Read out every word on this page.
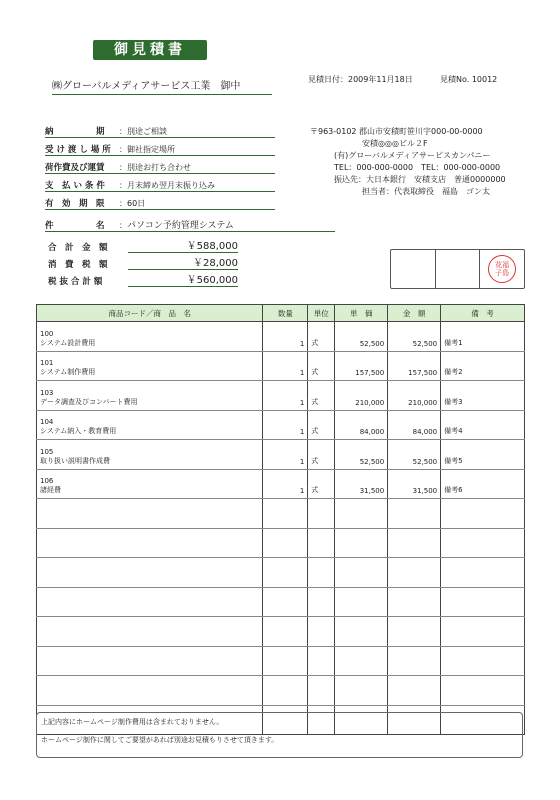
御見積書
㈱グローバルメディアサービス工業　御中
見積日付：2009年11月18日	見積No. 10012
納　　　　　期	： 別途ご相談
受 け 渡 し 場 所	： 御社指定場所
荷作費及び運賃	： 別途お打ち合わせ
支　払 い 条 件	： 月末締め翌月末振り込み
有　効　期　限	： 60日
件　　　　　名	： パソコン予約管理システム
合　計　金　額	￥588,000
消　費　税　額	￥28,000
税 抜 合 計 額	￥560,000
〒963-0102 郡山市安積町笹川字000-00-0000
安積◎◎◎ビル２F
(有)グローバルメディアサービスカンパニー
TEL：000-000-0000　TEL：000-000-0000
振込先：大日本銀行　安積支店　普通0000000
担当者：代表取締役　福島　ゴン太
花福
子島
商品コード／商　品　名	数量	単位	単　価	金　額	備　考

100
システム設計費用	1	式	52,500	52,500	備考1

101
システム制作費用	1	式	157,500	157,500	備考2

103
データ調査及びコンバート費用	1	式	210,000	210,000	備考3

104
システム納入・教育費用	1	式	84,000	84,000	備考4

105
取り扱い説明書作成費	1	式	52,500	52,500	備考5

106
諸経費	1	式	31,500	31,500	備考6

上記内容にホームページ制作費用は含まれておりません。
ホームページ制作に関してご要望があれば別途お見積もりさせて頂きます。
